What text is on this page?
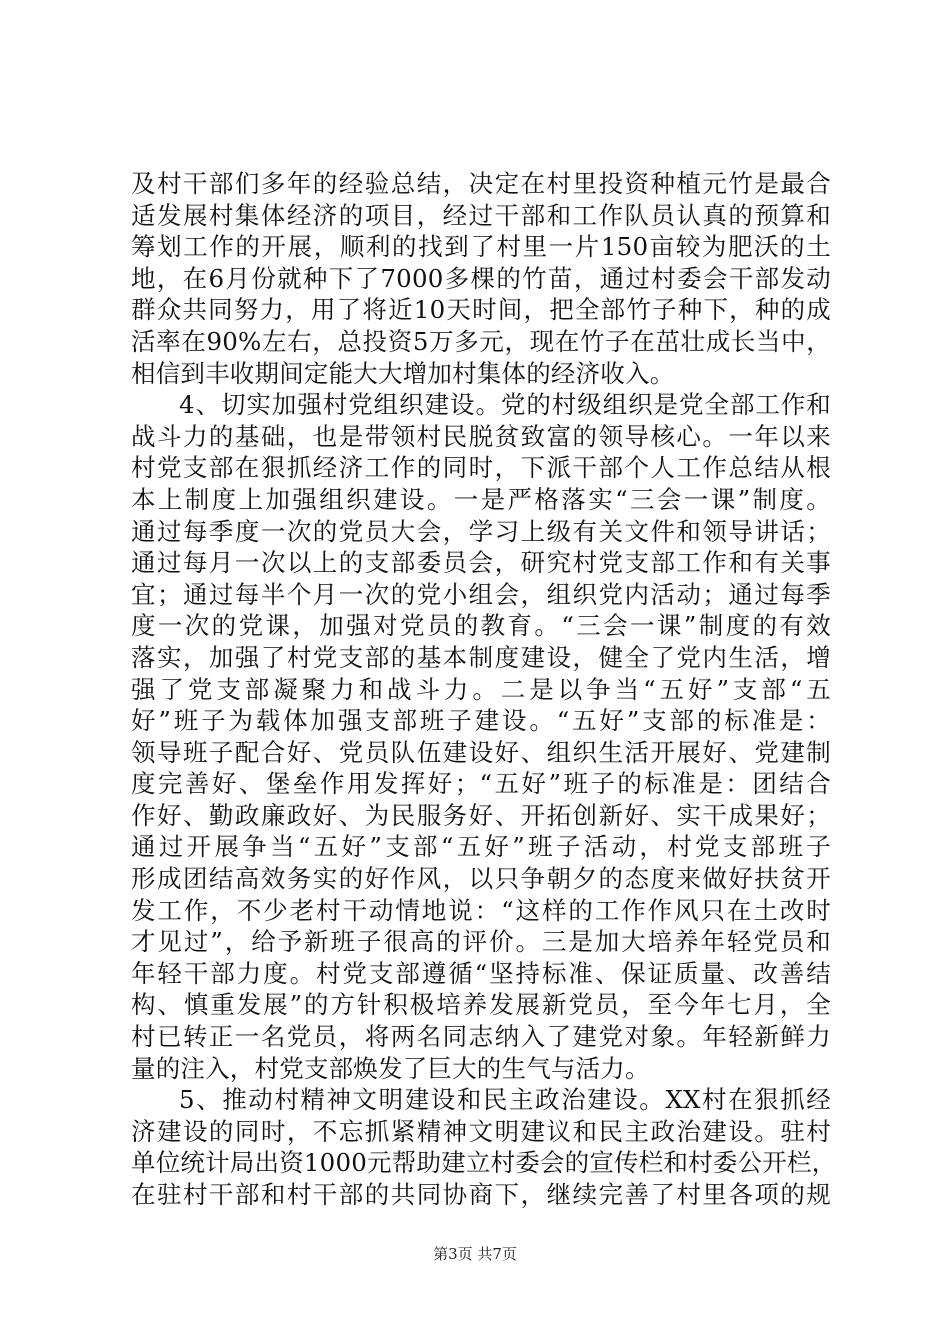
及村干部们多年的经验总结，决定在村里投资种植元竹是最合
适发展村集体经济的项目，经过干部和工作队员认真的预算和
筹划工作的开展，顺利的找到了村里一片150亩较为肥沃的土
地，在6月份就种下了7000多棵的竹苗，通过村委会干部发动
群众共同努力，用了将近10天时间，把全部竹子种下，种的成
活率在90%左右，总投资5万多元，现在竹子在茁壮成长当中，
相信到丰收期间定能大大增加村集体的经济收入。
4、切实加强村党组织建设。党的村级组织是党全部工作和
战斗力的基础，也是带领村民脱贫致富的领导核心。一年以来
村党支部在狠抓经济工作的同时，下派干部个人工作总结从根
本上制度上加强组织建设。一是严格落实“三会一课”制度。
通过每季度一次的党员大会，学习上级有关文件和领导讲话；
通过每月一次以上的支部委员会，研究村党支部工作和有关事
宜；通过每半个月一次的党小组会，组织党内活动；通过每季
度一次的党课，加强对党员的教育。“三会一课”制度的有效
落实，加强了村党支部的基本制度建设，健全了党内生活，增
强了党支部凝聚力和战斗力。二是以争当“五好”支部“五
好”班子为载体加强支部班子建设。“五好”支部的标准是：
领导班子配合好、党员队伍建设好、组织生活开展好、党建制
度完善好、堡垒作用发挥好；“五好”班子的标准是：团结合
作好、勤政廉政好、为民服务好、开拓创新好、实干成果好；
通过开展争当“五好”支部“五好”班子活动，村党支部班子
形成团结高效务实的好作风，以只争朝夕的态度来做好扶贫开
发工作，不少老村干动情地说：“这样的工作作风只在土改时
才见过”，给予新班子很高的评价。三是加大培养年轻党员和
年轻干部力度。村党支部遵循“坚持标准、保证质量、改善结
构、慎重发展”的方针积极培养发展新党员，至今年七月，全
村已转正一名党员，将两名同志纳入了建党对象。年轻新鲜力
量的注入，村党支部焕发了巨大的生气与活力。
5、推动村精神文明建设和民主政治建设。XX村在狠抓经
济建设的同时，不忘抓紧精神文明建议和民主政治建设。驻村
单位统计局出资1000元帮助建立村委会的宣传栏和村委公开栏，
在驻村干部和村干部的共同协商下，继续完善了村里各项的规
第3页 共7页
